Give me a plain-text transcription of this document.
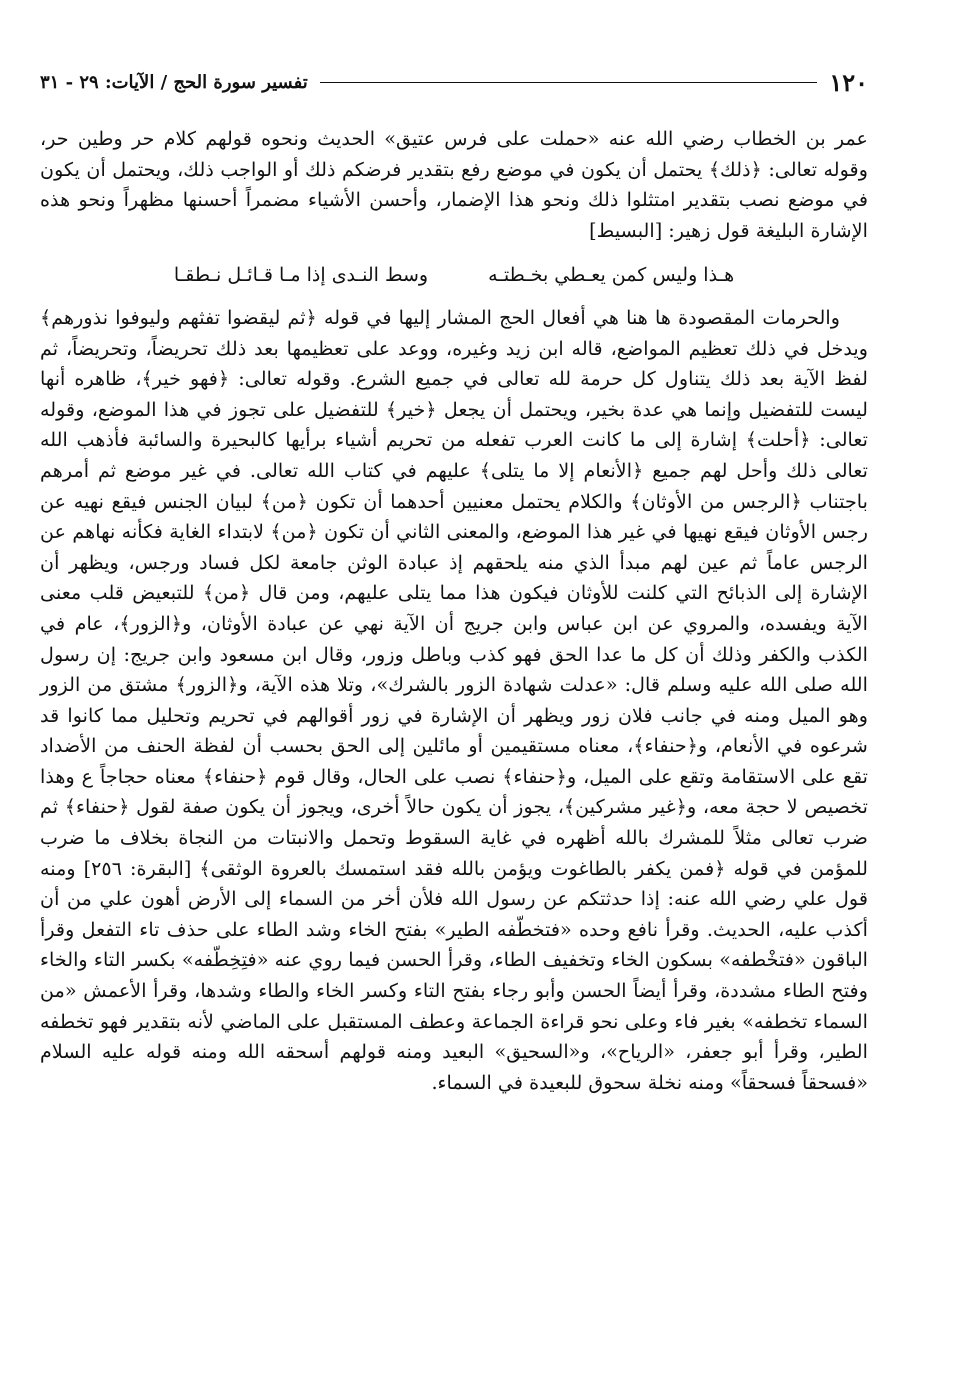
١٢٠
تفسير سورة الحج / الآيات: ٢٩ - ٣١

عمر بن الخطاب رضي الله عنه «حملت على فرس عتيق» الحديث ونحوه قولهم كلام حر وطين حر، وقوله تعالى: ﴿ذلك﴾ يحتمل أن يكون في موضع رفع بتقدير فرضكم ذلك أو الواجب ذلك، ويحتمل أن يكون في موضع نصب بتقدير امتثلوا ذلك ونحو هذا الإضمار، وأحسن الأشياء مضمراً أحسنها مظهراً ونحو هذه الإشارة البليغة قول زهير: [البسيط]

هـذا وليس كمن يعـطي بخـطتـه
وسط النـدى إذا مـا قـائـل نـطقـا

والحرمات المقصودة ها هنا هي أفعال الحج المشار إليها في قوله ﴿ثم ليقضوا تفثهم وليوفوا نذورهم﴾ ويدخل في ذلك تعظيم المواضع، قاله ابن زيد وغيره، ووعد على تعظيمها بعد ذلك تحريضاً، وتحريضاً، ثم لفظ الآية بعد ذلك يتناول كل حرمة لله تعالى في جميع الشرع. وقوله تعالى: ﴿فهو خير﴾، ظاهره أنها ليست للتفضيل وإنما هي عدة بخير، ويحتمل أن يجعل ﴿خير﴾ للتفضيل على تجوز في هذا الموضع، وقوله تعالى: ﴿أحلت﴾ إشارة إلى ما كانت العرب تفعله من تحريم أشياء برأيها كالبحيرة والسائبة فأذهب الله تعالى ذلك وأحل لهم جميع ﴿الأنعام إلا ما يتلى﴾ عليهم في كتاب الله تعالى. في غير موضع ثم أمرهم باجتناب ﴿الرجس من الأوثان﴾ والكلام يحتمل معنيين أحدهما أن تكون ﴿من﴾ لبيان الجنس فيقع نهيه عن رجس الأوثان فيقع نهيها في غير هذا الموضع، والمعنى الثاني أن تكون ﴿من﴾ لابتداء الغاية فكأنه نهاهم عن الرجس عاماً ثم عين لهم مبدأ الذي منه يلحقهم إذ عبادة الوثن جامعة لكل فساد ورجس، ويظهر أن الإشارة إلى الذبائح التي كلنت للأوثان فيكون هذا مما يتلى عليهم، ومن قال ﴿من﴾ للتبعيض قلب معنى الآية ويفسده، والمروي عن ابن عباس وابن جريج أن الآية نهي عن عبادة الأوثان، و﴿الزور﴾، عام في الكذب والكفر وذلك أن كل ما عدا الحق فهو كذب وباطل وزور، وقال ابن مسعود وابن جريج: إن رسول الله صلى الله عليه وسلم قال: «عدلت شهادة الزور بالشرك»، وتلا هذه الآية، و﴿الزور﴾ مشتق من الزور وهو الميل ومنه في جانب فلان زور ويظهر أن الإشارة في زور أقوالهم في تحريم وتحليل مما كانوا قد شرعوه في الأنعام، و﴿حنفاء﴾، معناه مستقيمين أو مائلين إلى الحق بحسب أن لفظة الحنف من الأضداد تقع على الاستقامة وتقع على الميل، و﴿حنفاء﴾ نصب على الحال، وقال قوم ﴿حنفاء﴾ معناه حجاجاً ع وهذا تخصيص لا حجة معه، و﴿غير مشركين﴾، يجوز أن يكون حالاً أخرى، ويجوز أن يكون صفة لقول ﴿حنفاء﴾ ثم ضرب تعالى مثلاً للمشرك بالله أظهره في غاية السقوط وتحمل والانبتات من النجاة بخلاف ما ضرب للمؤمن في قوله ﴿فمن يكفر بالطاغوت ويؤمن بالله فقد استمسك بالعروة الوثقى﴾ [البقرة: ٢٥٦] ومنه قول علي رضي الله عنه: إذا حدثتكم عن رسول الله فلأن أخر من السماء إلى الأرض أهون علي من أن أكذب عليه، الحديث. وقرأ نافع وحده «فتخطّفه الطير» بفتح الخاء وشد الطاء على حذف تاء التفعل وقرأ الباقون «فتخْطفه» بسكون الخاء وتخفيف الطاء، وقرأ الحسن فيما روي عنه «فتِخِطّفه» بكسر التاء والخاء وفتح الطاء مشددة، وقرأ أيضاً الحسن وأبو رجاء بفتح التاء وكسر الخاء والطاء وشدها، وقرأ الأعمش «من السماء تخطفه» بغير فاء وعلى نحو قراءة الجماعة وعطف المستقبل على الماضي لأنه بتقدير فهو تخطفه الطير، وقرأ أبو جعفر، «الرياح»، و«السحيق» البعيد ومنه قولهم أسحقه الله ومنه قوله عليه السلام «فسحقاً فسحقاً» ومنه نخلة سحوق للبعيدة في السماء.
